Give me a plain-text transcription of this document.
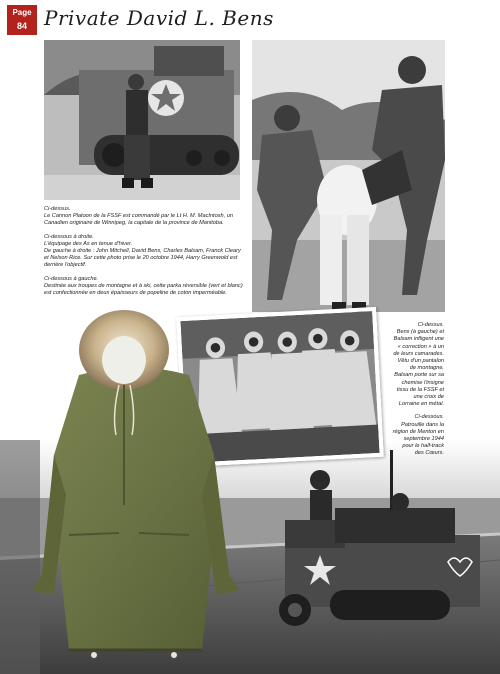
Page
84 Private David L. Bens

Ci-dessus.
Le Cannon Platoon de la FSSF est commandé par le Lt H. M. MacIntosh, un Canadien originaire de Winnipeg, la capitale de la province de Manitoba.

Ci-dessous à droite.
L'équipage des As en tenue d'hiver.
De gauche à droite : John Mitchell, David Bens, Charles Balsam, Franck Cleary et Nelson Rice. Sur cette photo prise le 20 octobre 1944, Harry Greenwold est derrière l'objectif.

Ci-dessous à gauche.
Destinée aux troupes de montagne et à ski, cette parka réversible (vert et blanc) est confectionnée en deux épaisseurs de popeline de coton imperméable.

Ci-dessus.
Bens (à gauche) et Balsam infligent une « correction » à un de leurs camarades. Vêtu d'un pantalon de montagne, Balsam porte sur sa chemise l'insigne tissu de la FSSF et une croix de Lorraine en métal.

Ci-dessous.
Patrouille dans la région de Menton en septembre 1944 pour le half-track des Cœurs.
